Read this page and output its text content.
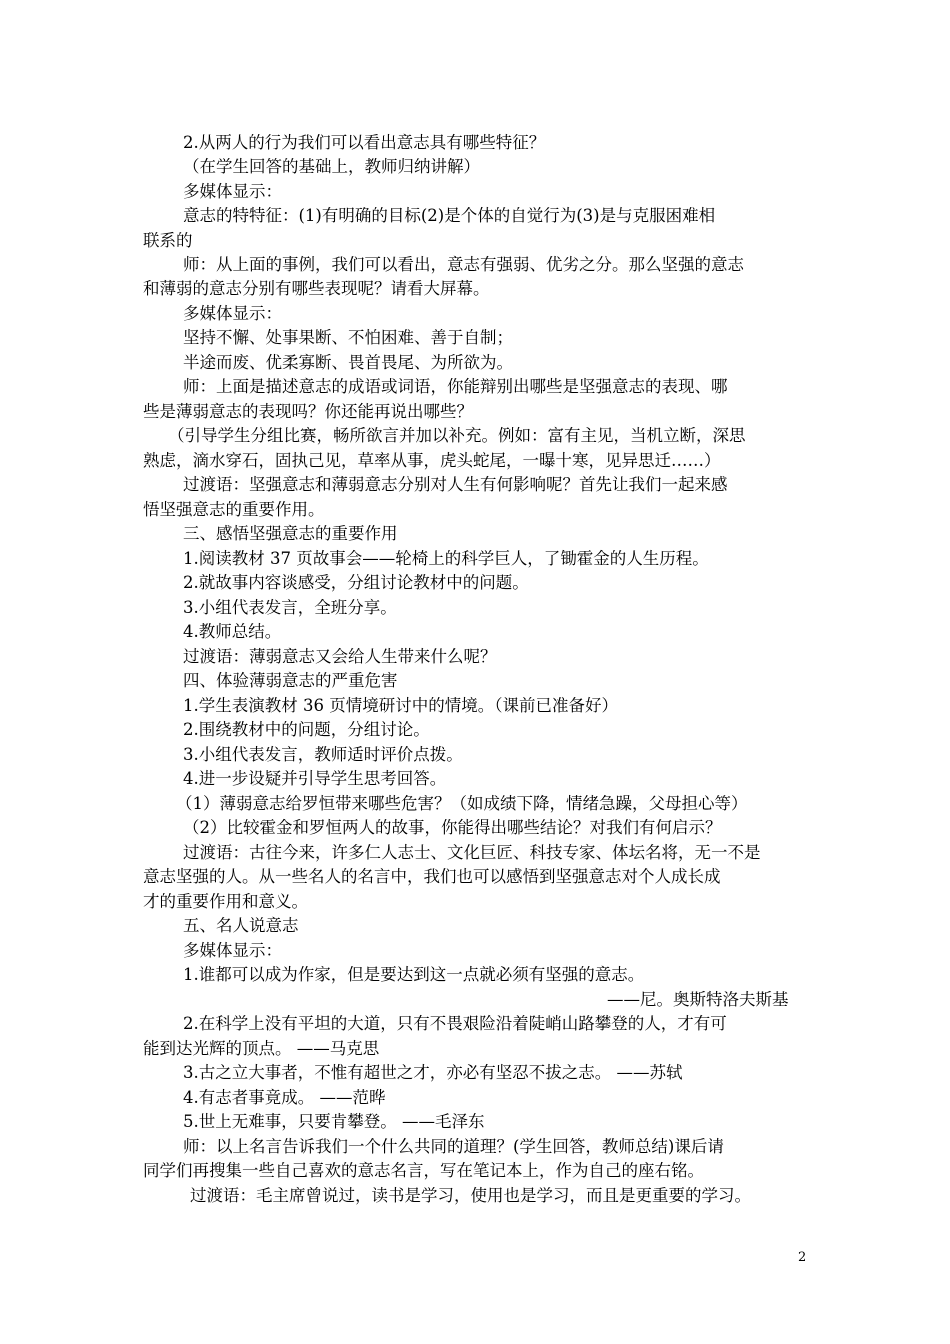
2.从两人的行为我们可以看出意志具有哪些特征？
（在学生回答的基础上，教师归纳讲解）
多媒体显示：
意志的特特征：(1)有明确的目标(2)是个体的自觉行为(3)是与克服困难相
联系的
师：从上面的事例，我们可以看出，意志有强弱、优劣之分。那么坚强的意志
和薄弱的意志分别有哪些表现呢？请看大屏幕。
多媒体显示：
坚持不懈、处事果断、不怕困难、善于自制；
半途而废、优柔寡断、畏首畏尾、为所欲为。
师：上面是描述意志的成语或词语，你能辩别出哪些是坚强意志的表现、哪
些是薄弱意志的表现吗？你还能再说出哪些？
（引导学生分组比赛，畅所欲言并加以补充。例如：富有主见，当机立断，深思
熟虑，滴水穿石，固执己见，草率从事，虎头蛇尾，一曝十寒，见异思迁……）
过渡语：坚强意志和薄弱意志分别对人生有何影响呢？首先让我们一起来感
悟坚强意志的重要作用。
三、感悟坚强意志的重要作用
1.阅读教材 37 页故事会——轮椅上的科学巨人，了锄霍金的人生历程。
2.就故事内容谈感受，分组讨论教材中的问题。
3.小组代表发言，全班分享。
4.教师总结。
过渡语：薄弱意志又会给人生带来什么呢？
四、体验薄弱意志的严重危害
1.学生表演教材 36 页情境研讨中的情境。（课前已准备好）
2.围绕教材中的问题，分组讨论。
3.小组代表发言，教师适时评价点拨。
4.进一步设疑并引导学生思考回答。
（1）薄弱意志给罗恒带来哪些危害？（如成绩下降，情绪急躁，父母担心等）
（2）比较霍金和罗恒两人的故事，你能得出哪些结论？对我们有何启示？
过渡语：古往今来，许多仁人志士、文化巨匠、科技专家、体坛名将，无一不是
意志坚强的人。从一些名人的名言中，我们也可以感悟到坚强意志对个人成长成
才的重要作用和意义。
五、名人说意志
多媒体显示：
1.谁都可以成为作家，但是要达到这一点就必须有坚强的意志。
——尼。奥斯特洛夫斯基
2.在科学上没有平坦的大道，只有不畏艰险沿着陡峭山路攀登的人，才有可
能到达光辉的顶点。 ——马克思
3.古之立大事者，不惟有超世之才，亦必有坚忍不拔之志。 ——苏轼
4.有志者事竟成。 ——范晔
5.世上无难事，只要肯攀登。 ——毛泽东
师：以上名言告诉我们一个什么共同的道理？(学生回答，教师总结)课后请
同学们再搜集一些自己喜欢的意志名言，写在笔记本上，作为自己的座右铭。
过渡语：毛主席曾说过，读书是学习，使用也是学习，而且是更重要的学习。
2
